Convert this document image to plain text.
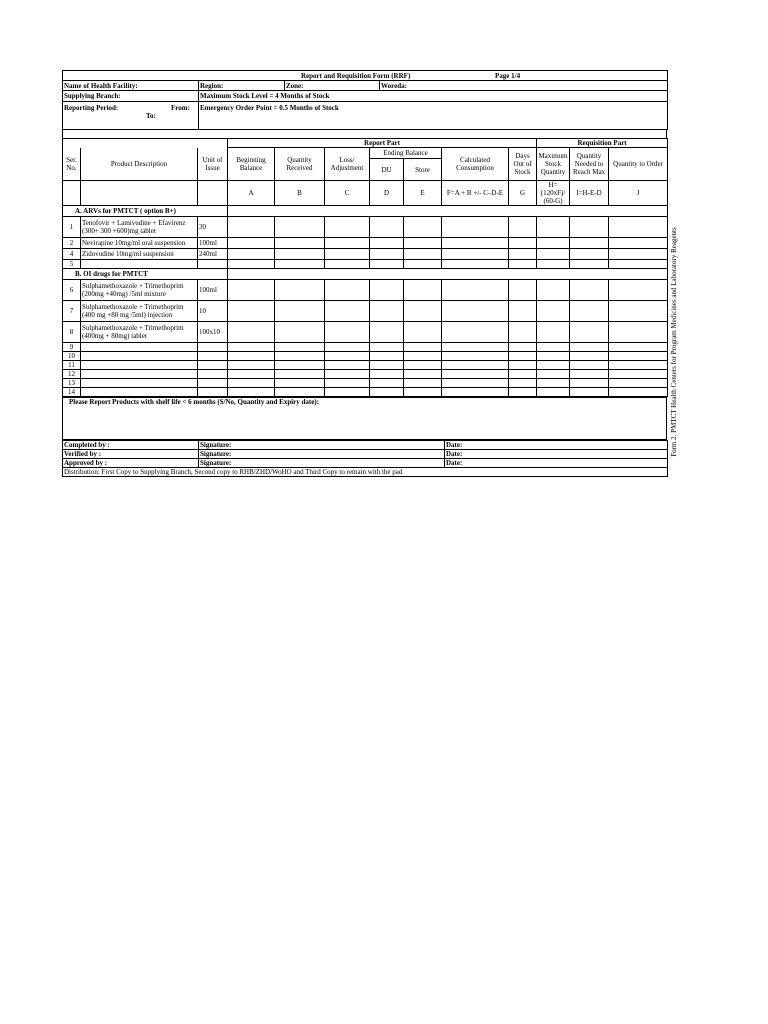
Report and Requisition Form (RRF) Page 1/4			

Name of Health Facility:	Region:	Zone:	Woreda:
Supplying Branch:	Maximum Stock Level = 4 Months of Stock		

Reporting Period: From:
To:	Emergency Order Point = 0.5 Months of Stock		
			Report Part							Requisition Part		
Ser. No.	Product Description	Unit of Issue	Beginning Balance	Quantity Received	Loss/ Adjustment	Ending Balance		Calculated Consumption	Days Out of Stock	Maximum Stock Quantity	Quantity Needed to Reach Max	Quantity to Order
						DU	Store					
			A	B	C	D	E	F=A + B +/- C–D-E	G	H=(120xF)/ (60-G)	I=H-E-D	J
A. ARVs for PMTCT ( option B+)												
1	Tenofovir + Lamivudine + Efavirenz (300+ 300 +600)mg tablet	30										
2	Nevirapine 10mg/ml oral suspension	100ml										
4	Zidovudine 10mg/ml suspension	240ml										
5												
B. OI drugs for PMTCT												
6	Sulphamethoxazole + Trimethoprim (200mg +40mg) /5ml mixture	100ml										
7	Sulphamethoxazole + Trimethoprim (400 mg +80 mg /5ml) injection	10										
8	Sulphamethoxazole + Trimethoprim (400mg + 80mg) tablet	100x10										
9												
10												
11												
12												
13												
14												
Please Report Products with shelf life < 6 months (S/No, Quantity and Expiry date):
Completed by :	Signature:	Date:
Verified by :	Signature:	Date:
Approved by :	Signature:	Date:
Distribution: First Copy to Supplying Branch, Second copy to RHB/ZHD/WoHO and Third Copy to remain with the pad		
Form 2. PMTCT Health Centers for Program Medicines and Laboratory Reagents
